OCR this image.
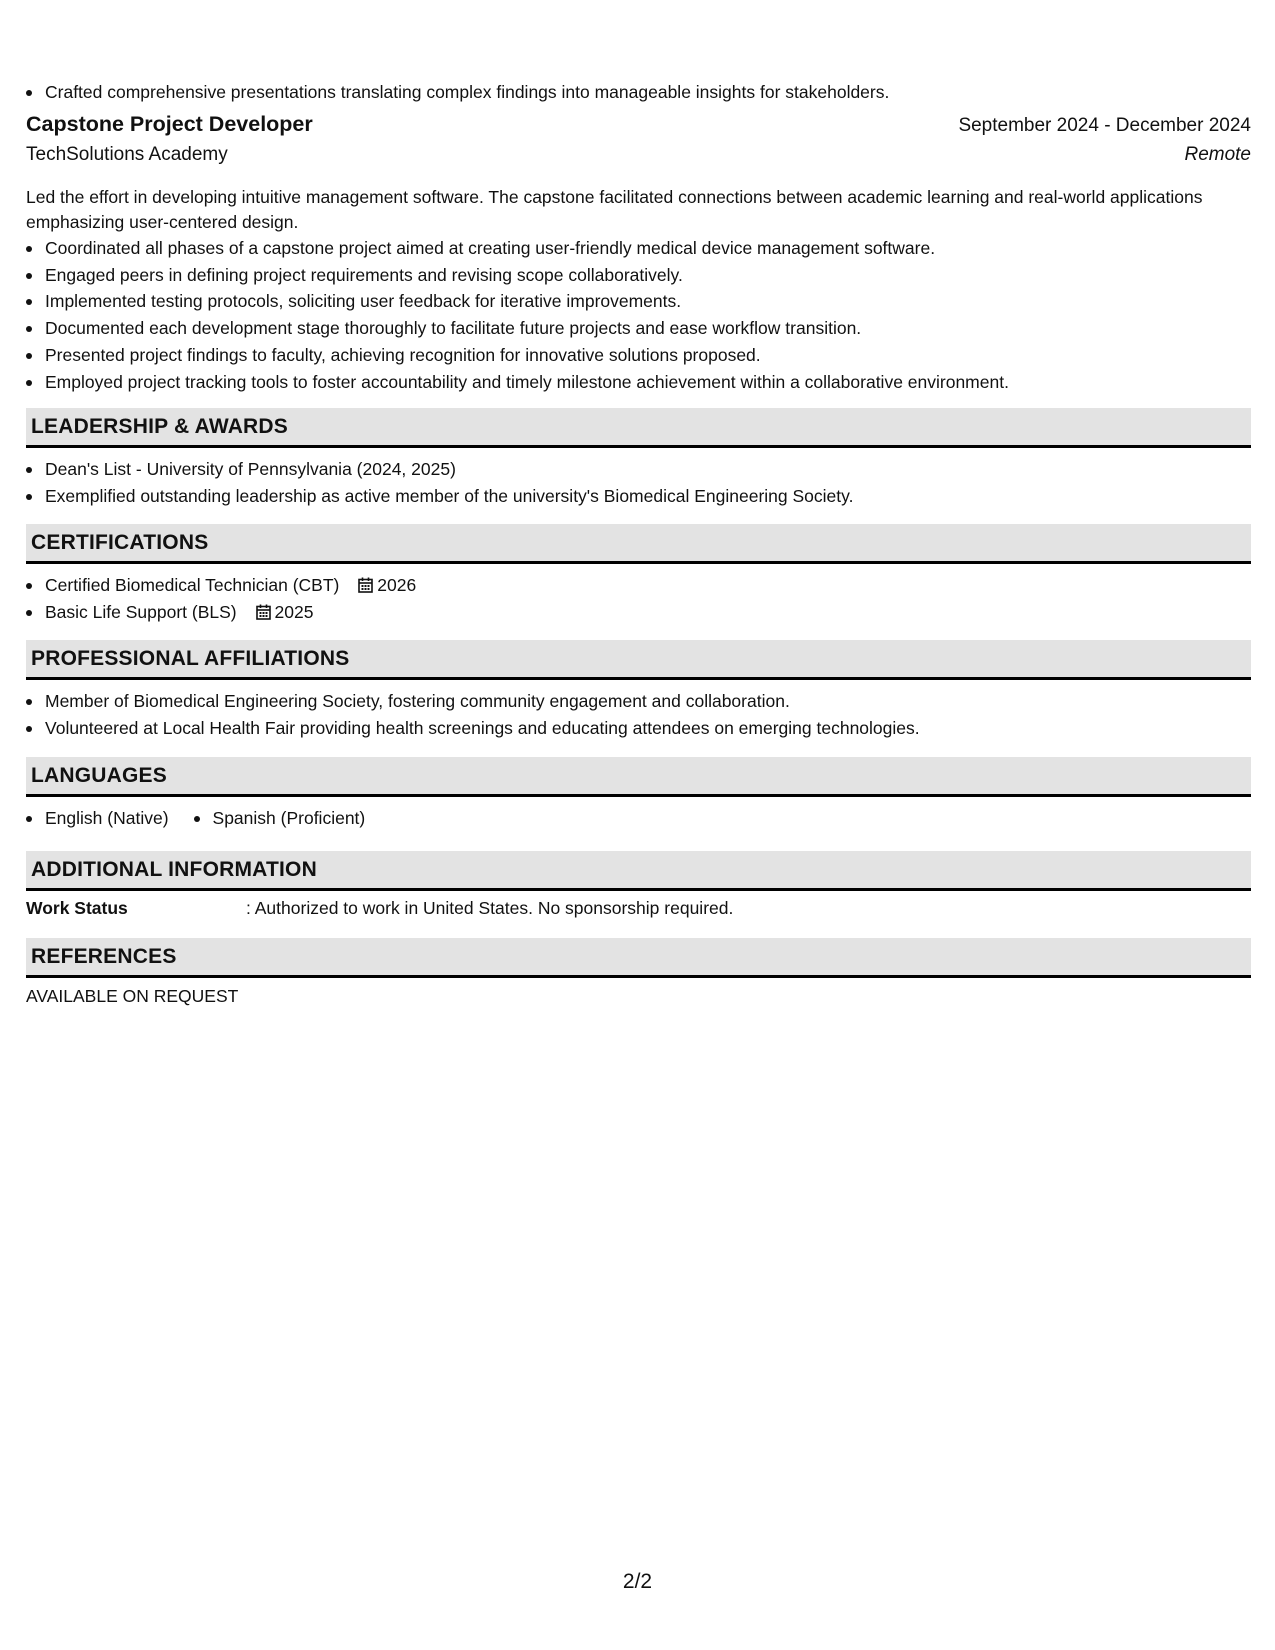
Crafted comprehensive presentations translating complex findings into manageable insights for stakeholders.
Capstone Project Developer	September 2024 - December 2024
TechSolutions Academy	Remote
Led the effort in developing intuitive management software. The capstone facilitated connections between academic learning and real-world applications emphasizing user-centered design.
Coordinated all phases of a capstone project aimed at creating user-friendly medical device management software.
Engaged peers in defining project requirements and revising scope collaboratively.
Implemented testing protocols, soliciting user feedback for iterative improvements.
Documented each development stage thoroughly to facilitate future projects and ease workflow transition.
Presented project findings to faculty, achieving recognition for innovative solutions proposed.
Employed project tracking tools to foster accountability and timely milestone achievement within a collaborative environment.
LEADERSHIP & AWARDS
Dean's List - University of Pennsylvania (2024, 2025)
Exemplified outstanding leadership as active member of the university's Biomedical Engineering Society.
CERTIFICATIONS
Certified Biomedical Technician (CBT) 2026
Basic Life Support (BLS) 2025
PROFESSIONAL AFFILIATIONS
Member of Biomedical Engineering Society, fostering community engagement and collaboration.
Volunteered at Local Health Fair providing health screenings and educating attendees on emerging technologies.
LANGUAGES
English (Native)	Spanish (Proficient)
ADDITIONAL INFORMATION
Work Status	: Authorized to work in United States. No sponsorship required.
REFERENCES
AVAILABLE ON REQUEST
2/2
